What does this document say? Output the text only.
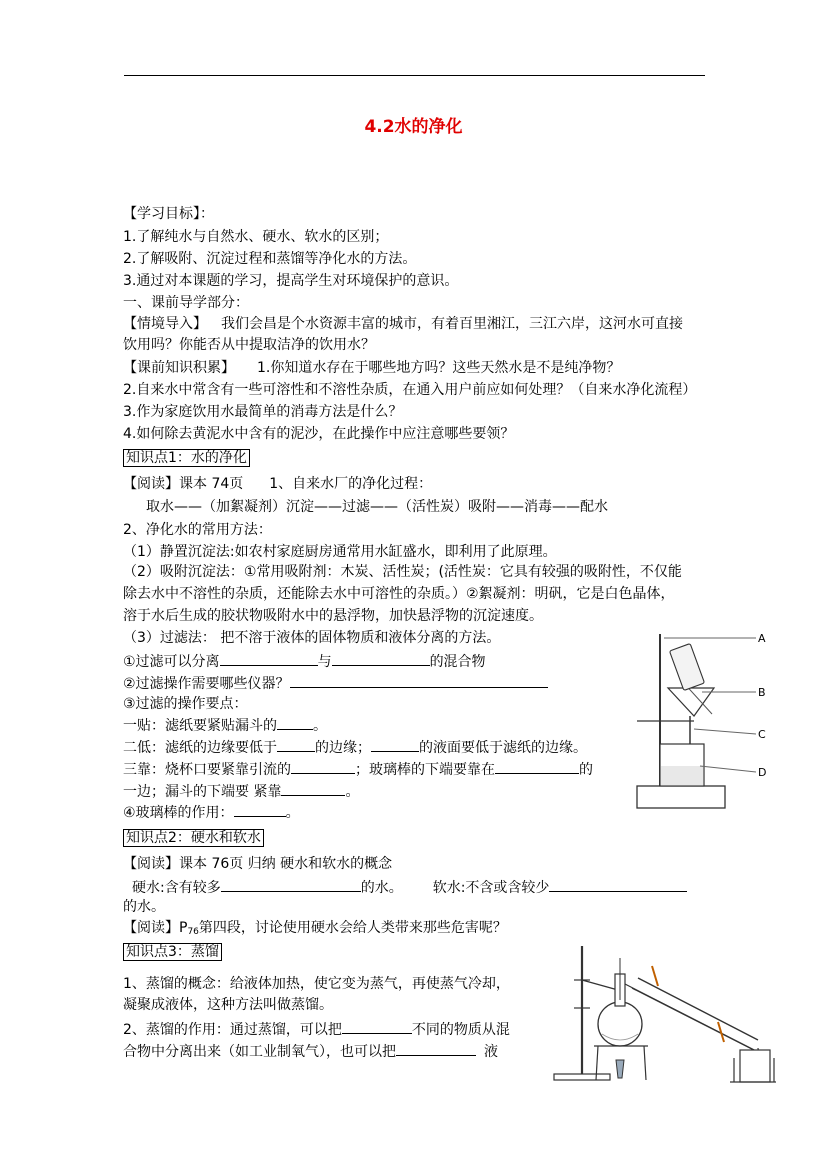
4.2水的净化
【学习目标】：
1.了解纯水与自然水、硬水、软水的区别；
2.了解吸附、沉淀过程和蒸馏等净化水的方法。
3.通过对本课题的学习，提高学生对环境保护的意识。
一、课前导学部分：
【情境导入】 我们会昌是个水资源丰富的城市，有着百里湘江，三江六岸，这河水可直接
饮用吗？你能否从中提取洁净的饮用水？
【课前知识积累】 1.你知道水存在于哪些地方吗？这些天然水是不是纯净物？
2.自来水中常含有一些可溶性和不溶性杂质，在通入用户前应如何处理？（自来水净化流程）
3.作为家庭饮用水最简单的消毒方法是什么？
4.如何除去黄泥水中含有的泥沙，在此操作中应注意哪些要领？
知识点1：水的净化
【阅读】课本 74页 1、自来水厂的净化过程：
取水——（加絮凝剂）沉淀——过滤——（活性炭）吸附——消毒——配水
2、净化水的常用方法：
（1）静置沉淀法:如农村家庭厨房通常用水缸盛水，即利用了此原理。
（2）吸附沉淀法：①常用吸附剂：木炭、活性炭；(活性炭：它具有较强的吸附性，不仅能
除去水中不溶性的杂质，还能除去水中可溶性的杂质。）②絮凝剂：明矾，它是白色晶体，
溶于水后生成的胶状物吸附水中的悬浮物，加快悬浮物的沉淀速度。
（3）过滤法： 把不溶于液体的固体物质和液体分离的方法。
①过滤可以分离	与	的混合物
②过滤操作需要哪些仪器？
③过滤的操作要点：
一贴：滤纸要紧贴漏斗的	。
二低：滤纸的边缘要低于	的边缘；	的液面要低于滤纸的边缘。
三靠：烧杯口要紧靠引流的	；玻璃棒的下端要靠在	的
一边；漏斗的下端要 紧靠	。
④玻璃棒的作用：	。
A
B
C
D
知识点2：硬水和软水
【阅读】课本 76页 归纳 硬水和软水的概念
硬水:含有较多	的水。 软水:不含或含较少
的水。
【阅读】$P_{76}$第四段，讨论使用硬水会给人类带来那些危害呢？
知识点3：蒸馏
1、蒸馏的概念：给液体加热，使它变为蒸气，再使蒸气冷却，
凝聚成液体，这种方法叫做蒸馏。
2、蒸馏的作用：通过蒸馏，可以把	不同的物质从混
合物中分离出来（如工业制氧气），也可以把	液
